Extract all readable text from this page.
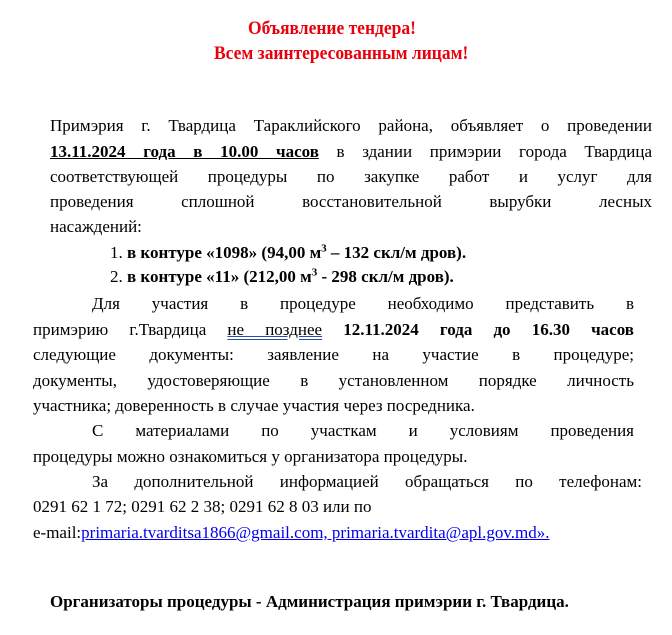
Объявление тендера!
Всем заинтересованным лицам!
Примэрия г. Твардица Тараклийского района, объявляет о проведении
13.11.2024 года в 10.00 часов в здании примэрии города Твардица
соответствующей процедуры по закупке работ и услуг для
проведения сплошной восстановительной вырубки лесных
насаждений:
1. в контуре «1098» (94,00 $м^3 - 132$ скл/м дров).
2. в контуре «11» (212,00 $м^3 - 298$ скл/м дров).
Для участия в процедуре необходимо представить в
примэрию г.Твардица не позднее 12.11.2024 года до 16.30 часов
следующие документы: заявление на участие в процедуре;
документы, удостоверяющие в установленном порядке личность
участника; доверенность в случае участия через посредника.
С материалами по участкам и условиям проведения
процедуры можно ознакомиться у организатора процедуры.
За дополнительной информацией обращаться по телефонам:
0291 62 1 72; 0291 62 2 38; 0291 62 8 03 или по
e-mail:primaria.tvarditsa1866@gmail.com, primaria.tvardita@apl.gov.md».
Организаторы процедуры - Администрация примэрии г. Твардица.
